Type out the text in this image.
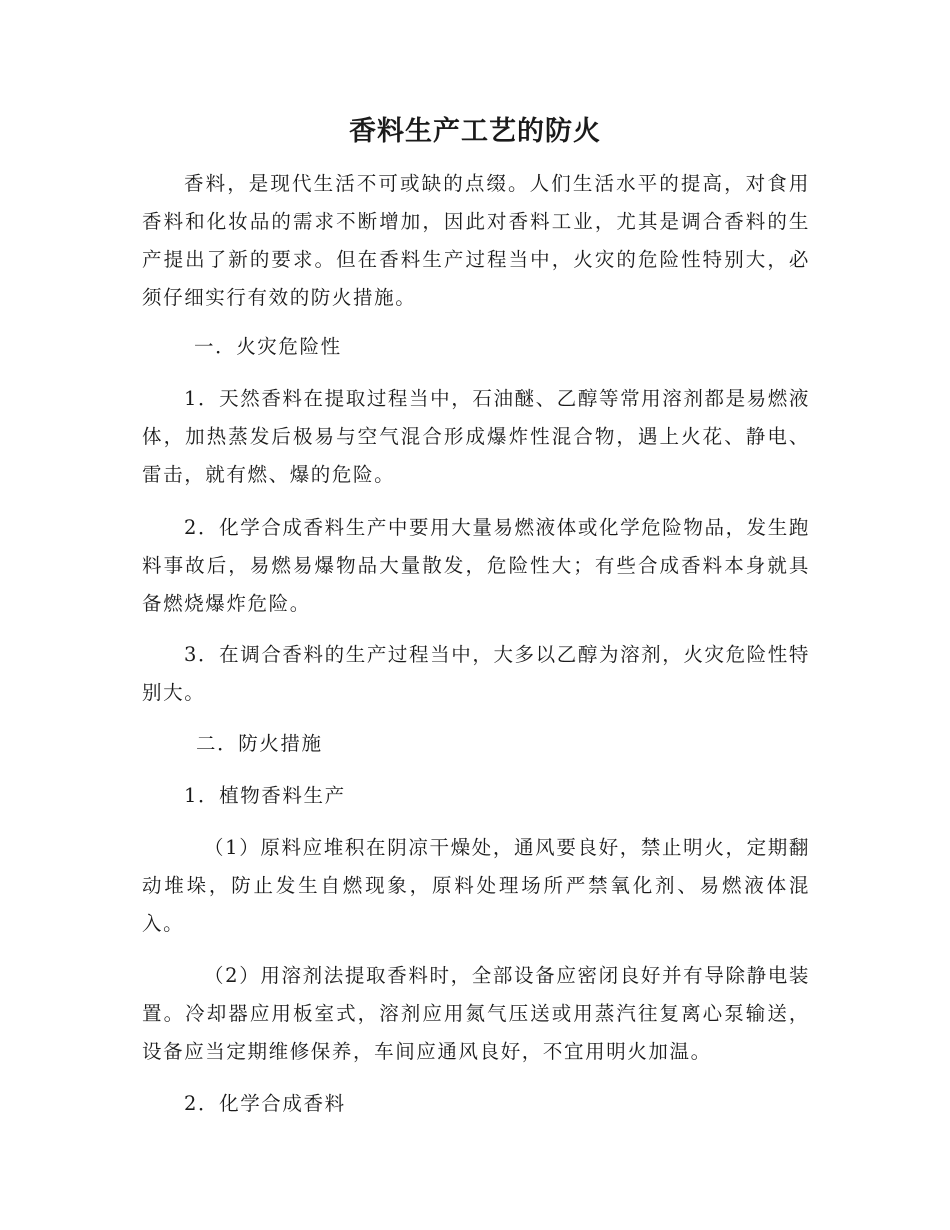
香料生产工艺的防火

香料，是现代生活不可或缺的点缀。人们生活水平的提高，对食用香料和化妆品的需求不断增加，因此对香料工业，尤其是调合香料的生产提出了新的要求。但在香料生产过程当中，火灾的危险性特别大，必须仔细实行有效的防火措施。

一．火灾危险性

1．天然香料在提取过程当中，石油醚、乙醇等常用溶剂都是易燃液体，加热蒸发后极易与空气混合形成爆炸性混合物，遇上火花、静电、雷击，就有燃、爆的危险。

2．化学合成香料生产中要用大量易燃液体或化学危险物品，发生跑料事故后，易燃易爆物品大量散发，危险性大；有些合成香料本身就具备燃烧爆炸危险。

3．在调合香料的生产过程当中，大多以乙醇为溶剂，火灾危险性特别大。

二．防火措施

1．植物香料生产

（1）原料应堆积在阴凉干燥处，通风要良好，禁止明火，定期翻动堆垛，防止发生自燃现象，原料处理场所严禁氧化剂、易燃液体混入。

（2）用溶剂法提取香料时，全部设备应密闭良好并有导除静电装置。冷却器应用板室式，溶剂应用氮气压送或用蒸汽往复离心泵输送，设备应当定期维修保养，车间应通风良好，不宜用明火加温。

2．化学合成香料
